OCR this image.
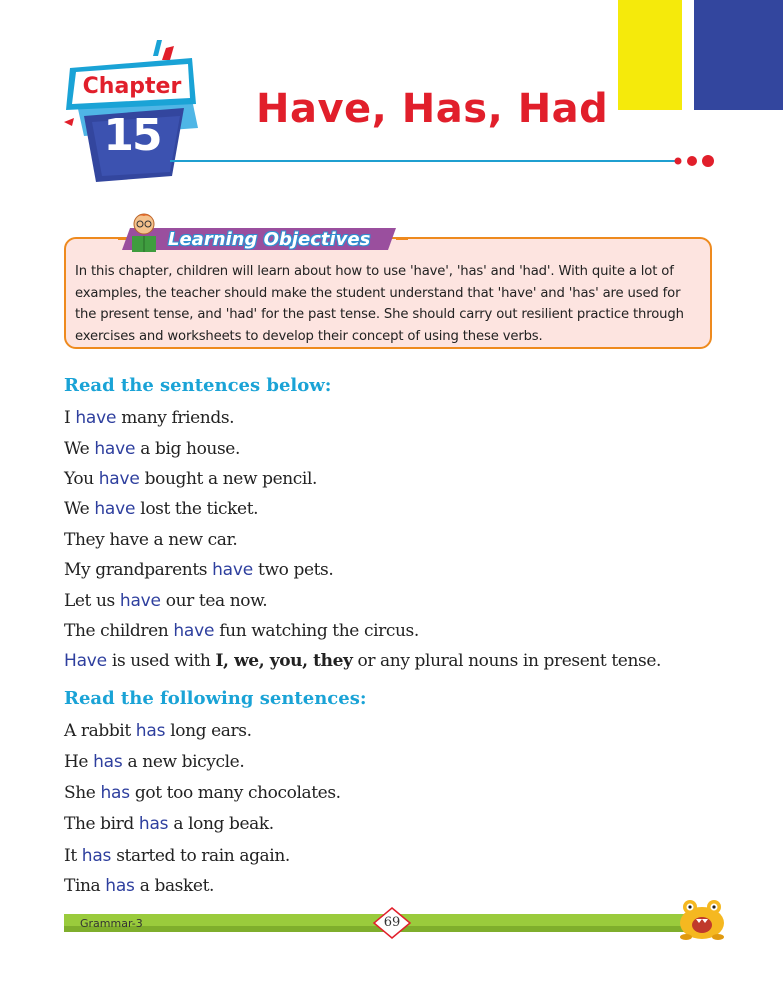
Chapter
15
Have, Has, Had
In this chapter, children will learn about how to use 'have', 'has' and 'had'. With quite a lot of
examples, the teacher should make the student understand that 'have' and 'has' are used for
the present tense, and 'had' for the past tense. She should carry out resilient practice through
exercises and worksheets to develop their concept of using these verbs.
Learning Objectives
Read the sentences below:
I have many friends.
We have a big house.
You have bought a new pencil.
We have lost the ticket.
They have a new car.
My grandparents have two pets.
Let us have our tea now.
The children have fun watching the circus.
Have is used with I, we, you, they or any plural nouns in present tense.
Read the following sentences:
A rabbit has long ears.
He has a new bicycle.
She has got too many chocolates.
The bird has a long beak.
It has started to rain again.
Tina has a basket.
Grammar-3	69
